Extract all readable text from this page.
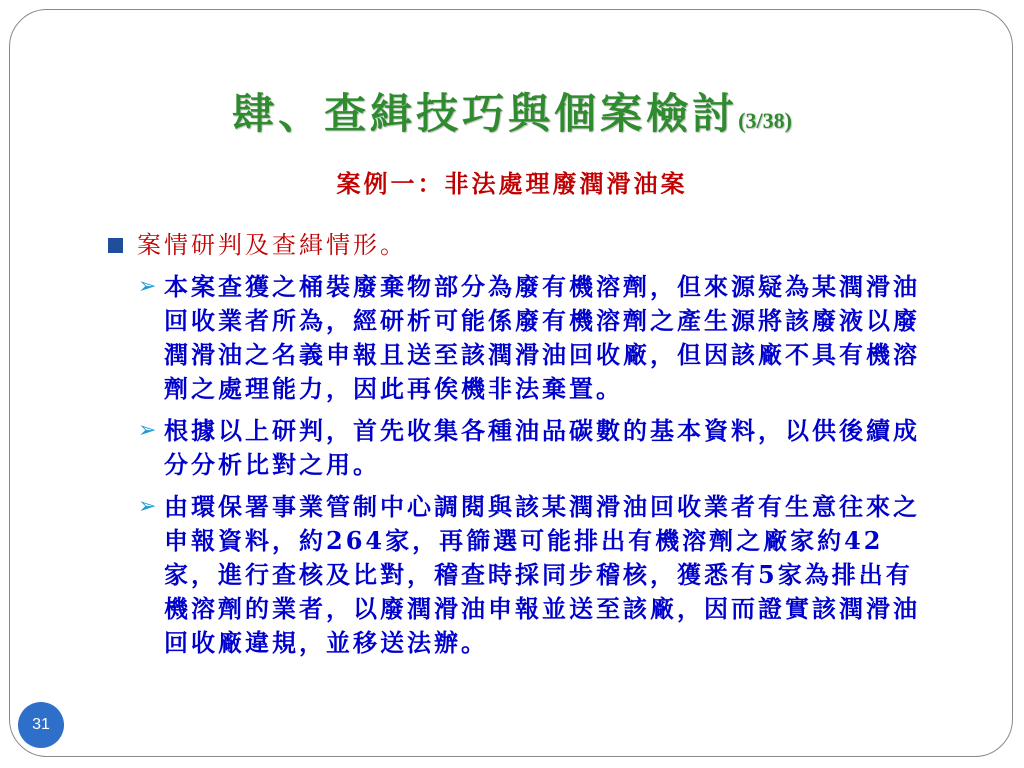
肆、查緝技巧與個案檢討(3/38)
案例一：非法處理廢潤滑油案
案情研判及查緝情形。
➢ 本案查獲之桶裝廢棄物部分為廢有機溶劑，但來源疑為某潤滑油回收業者所為，經研析可能係廢有機溶劑之產生源將該廢液以廢潤滑油之名義申報且送至該潤滑油回收廠，但因該廠不具有機溶劑之處理能力，因此再俟機非法棄置。
➢ 根據以上研判，首先收集各種油品碳數的基本資料，以供後續成分分析比對之用。
➢ 由環保署事業管制中心調閱與該某潤滑油回收業者有生意往來之申報資料，約264家，再篩選可能排出有機溶劑之廠家約42家，進行查核及比對，稽查時採同步稽核，獲悉有5家為排出有機溶劑的業者，以廢潤滑油申報並送至該廠，因而證實該潤滑油回收廠違規，並移送法辦。
31
